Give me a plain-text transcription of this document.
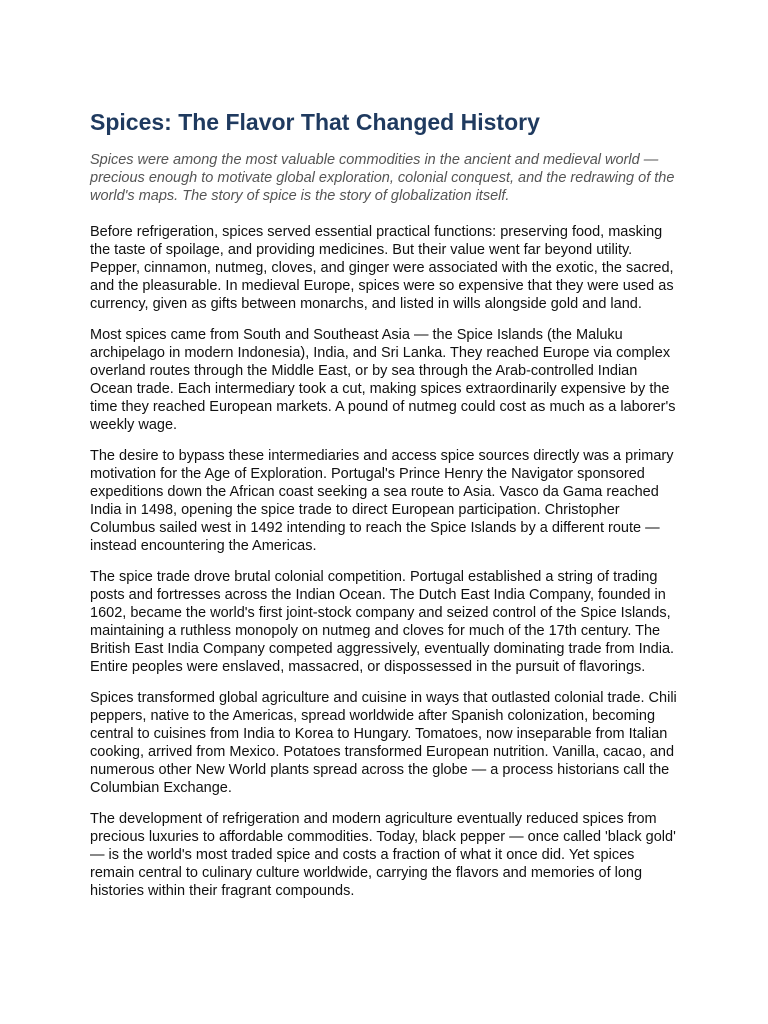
Spices: The Flavor That Changed History

Spices were among the most valuable commodities in the ancient and medieval world — precious enough to motivate global exploration, colonial conquest, and the redrawing of the world's maps. The story of spice is the story of globalization itself.

Before refrigeration, spices served essential practical functions: preserving food, masking the taste of spoilage, and providing medicines. But their value went far beyond utility. Pepper, cinnamon, nutmeg, cloves, and ginger were associated with the exotic, the sacred, and the pleasurable. In medieval Europe, spices were so expensive that they were used as currency, given as gifts between monarchs, and listed in wills alongside gold and land.

Most spices came from South and Southeast Asia — the Spice Islands (the Maluku archipelago in modern Indonesia), India, and Sri Lanka. They reached Europe via complex overland routes through the Middle East, or by sea through the Arab-controlled Indian Ocean trade. Each intermediary took a cut, making spices extraordinarily expensive by the time they reached European markets. A pound of nutmeg could cost as much as a laborer's weekly wage.

The desire to bypass these intermediaries and access spice sources directly was a primary motivation for the Age of Exploration. Portugal's Prince Henry the Navigator sponsored expeditions down the African coast seeking a sea route to Asia. Vasco da Gama reached India in 1498, opening the spice trade to direct European participation. Christopher Columbus sailed west in 1492 intending to reach the Spice Islands by a different route — instead encountering the Americas.

The spice trade drove brutal colonial competition. Portugal established a string of trading posts and fortresses across the Indian Ocean. The Dutch East India Company, founded in 1602, became the world's first joint-stock company and seized control of the Spice Islands, maintaining a ruthless monopoly on nutmeg and cloves for much of the 17th century. The British East India Company competed aggressively, eventually dominating trade from India. Entire peoples were enslaved, massacred, or dispossessed in the pursuit of flavorings.

Spices transformed global agriculture and cuisine in ways that outlasted colonial trade. Chili peppers, native to the Americas, spread worldwide after Spanish colonization, becoming central to cuisines from India to Korea to Hungary. Tomatoes, now inseparable from Italian cooking, arrived from Mexico. Potatoes transformed European nutrition. Vanilla, cacao, and numerous other New World plants spread across the globe — a process historians call the Columbian Exchange.

The development of refrigeration and modern agriculture eventually reduced spices from precious luxuries to affordable commodities. Today, black pepper — once called 'black gold' — is the world's most traded spice and costs a fraction of what it once did. Yet spices remain central to culinary culture worldwide, carrying the flavors and memories of long histories within their fragrant compounds.
